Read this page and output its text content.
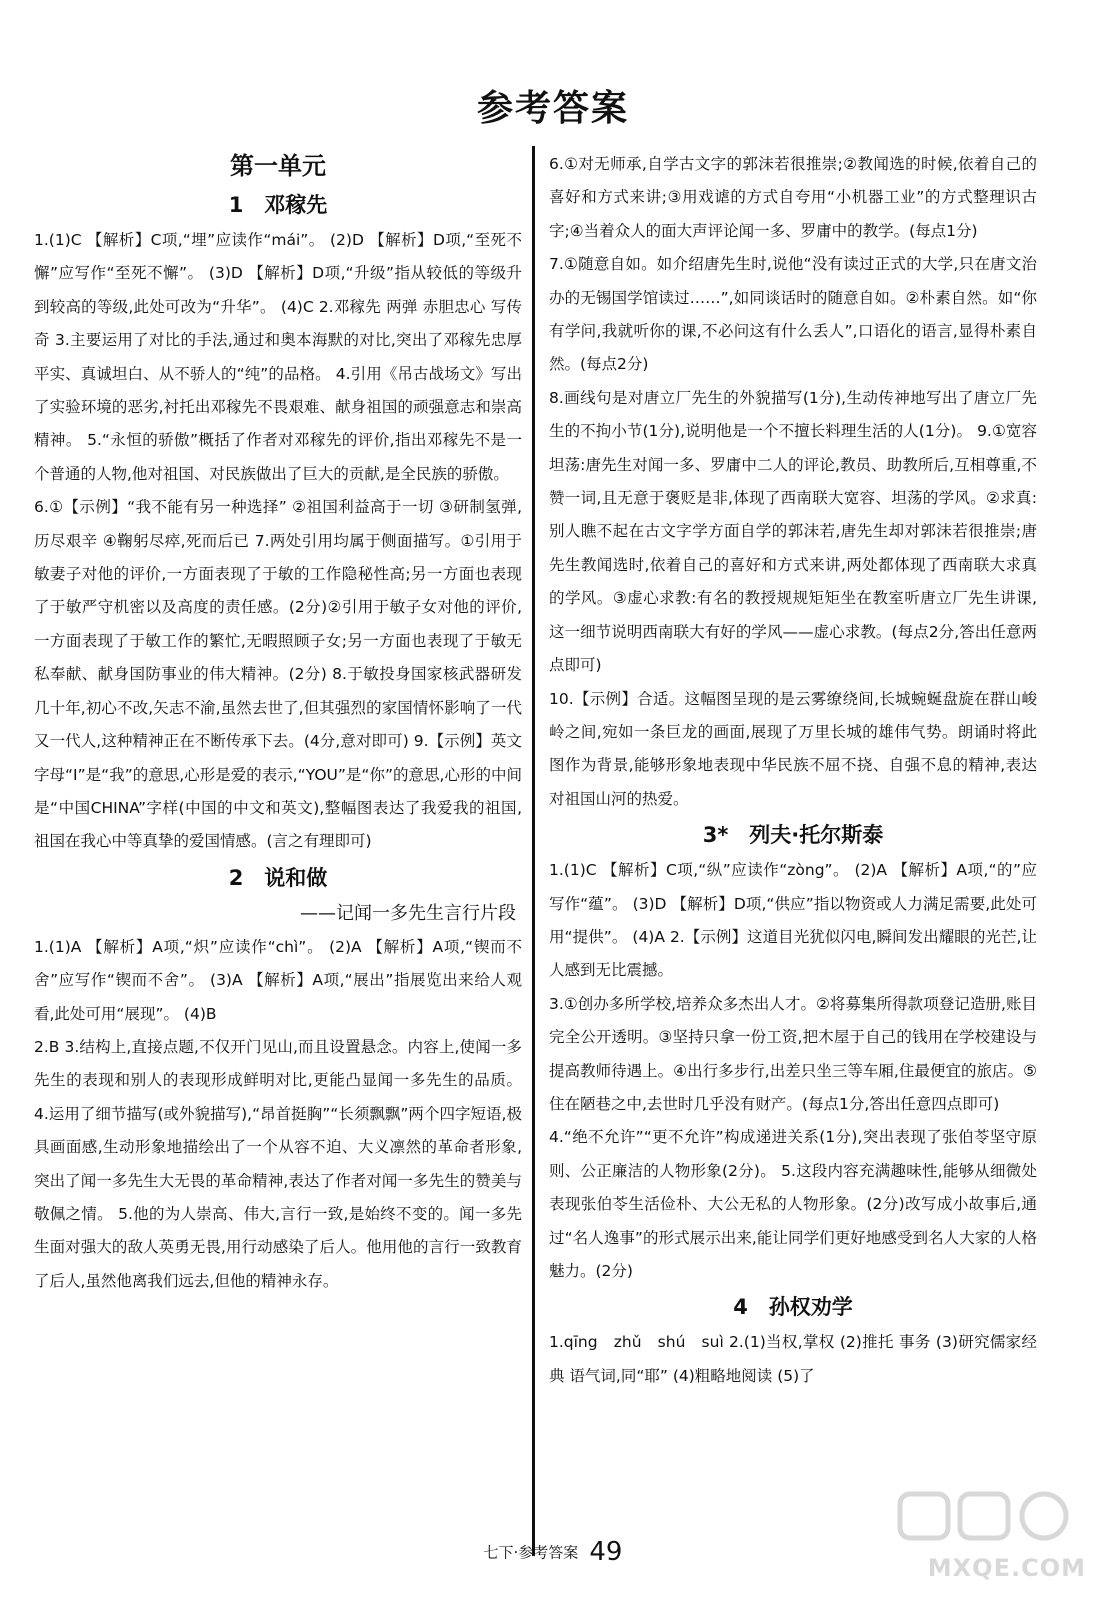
参考答案
第一单元
1　邓稼先

1.(1)C 【解析】C项,“埋”应读作“mái”。 (2)D 【解析】D项,“至死不懈”应写作“至死不懈”。 (3)D 【解析】D项,“升级”指从较低的等级升到较高的等级,此处可改为“升华”。 (4)C 2.邓稼先 两弹 赤胆忠心 写传奇 3.主要运用了对比的手法,通过和奥本海默的对比,突出了邓稼先忠厚平实、真诚坦白、从不骄人的“纯”的品格。 4.引用《吊古战场文》写出了实验环境的恶劣,衬托出邓稼先不畏艰难、献身祖国的顽强意志和崇高精神。 5.“永恒的骄傲”概括了作者对邓稼先的评价,指出邓稼先不是一个普通的人物,他对祖国、对民族做出了巨大的贡献,是全民族的骄傲。

6.①【示例】“我不能有另一种选择” ②祖国利益高于一切 ③研制氢弹,历尽艰辛 ④鞠躬尽瘁,死而后已 7.两处引用均属于侧面描写。①引用于敏妻子对他的评价,一方面表现了于敏的工作隐秘性高;另一方面也表现了于敏严守机密以及高度的责任感。(2分)②引用于敏子女对他的评价,一方面表现了于敏工作的繁忙,无暇照顾子女;另一方面也表现了于敏无私奉献、献身国防事业的伟大精神。(2分) 8.于敏投身国家核武器研发几十年,初心不改,矢志不渝,虽然去世了,但其强烈的家国情怀影响了一代又一代人,这种精神正在不断传承下去。(4分,意对即可) 9.【示例】英文字母“I”是“我”的意思,心形是爱的表示,“YOU”是“你”的意思,心形的中间是“中国CHINA”字样(中国的中文和英文),整幅图表达了我爱我的祖国,祖国在我心中等真挚的爱国情感。(言之有理即可)

2　说和做
——记闻一多先生言行片段

1.(1)A 【解析】A项,“炽”应读作“chì”。 (2)A 【解析】A项,“锲而不舍”应写作“锲而不舍”。 (3)A 【解析】A项,“展出”指展览出来给人观看,此处可用“展现”。 (4)B

2.B 3.结构上,直接点题,不仅开门见山,而且设置悬念。内容上,使闻一多先生的表现和别人的表现形成鲜明对比,更能凸显闻一多先生的品质。 4.运用了细节描写(或外貌描写),“昂首挺胸”“长须飘飘”两个四字短语,极具画面感,生动形象地描绘出了一个从容不迫、大义凛然的革命者形象,突出了闻一多先生大无畏的革命精神,表达了作者对闻一多先生的赞美与敬佩之情。 5.他的为人崇高、伟大,言行一致,是始终不变的。闻一多先生面对强大的敌人英勇无畏,用行动感染了后人。他用他的言行一致教育了后人,虽然他离我们远去,但他的精神永存。

6.①对无师承,自学古文字的郭沫若很推崇;②教闻选的时候,依着自己的喜好和方式来讲;③用戏谑的方式自夸用“小机器工业”的方式整理识古字;④当着众人的面大声评论闻一多、罗庸中的教学。(每点1分)

7.①随意自如。如介绍唐先生时,说他“没有读过正式的大学,只在唐文治办的无锡国学馆读过……”,如同谈话时的随意自如。②朴素自然。如“你有学问,我就听你的课,不必问这有什么丢人”,口语化的语言,显得朴素自然。(每点2分)

8.画线句是对唐立厂先生的外貌描写(1分),生动传神地写出了唐立厂先生的不拘小节(1分),说明他是一个不擅长料理生活的人(1分)。 9.①宽容坦荡:唐先生对闻一多、罗庸中二人的评论,教员、助教所后,互相尊重,不赞一词,且无意于褒贬是非,体现了西南联大宽容、坦荡的学风。②求真:别人瞧不起在古文字学方面自学的郭沫若,唐先生却对郭沫若很推崇;唐先生教闻选时,依着自己的喜好和方式来讲,两处都体现了西南联大求真的学风。③虚心求教:有名的教授规规矩矩坐在教室听唐立厂先生讲课,这一细节说明西南联大有好的学风——虚心求教。(每点2分,答出任意两点即可)

10.【示例】合适。这幅图呈现的是云雾缭绕间,长城蜿蜒盘旋在群山峻岭之间,宛如一条巨龙的画面,展现了万里长城的雄伟气势。朗诵时将此图作为背景,能够形象地表现中华民族不屈不挠、自强不息的精神,表达对祖国山河的热爱。

3*　列夫·托尔斯泰

1.(1)C 【解析】C项,“纵”应读作“zòng”。 (2)A 【解析】A项,“的”应写作“蕴”。 (3)D 【解析】D项,“供应”指以物资或人力满足需要,此处可用“提供”。 (4)A 2.【示例】这道目光犹似闪电,瞬间发出耀眼的光芒,让人感到无比震撼。

3.①创办多所学校,培养众多杰出人才。②将募集所得款项登记造册,账目完全公开透明。③坚持只拿一份工资,把木屋于自己的钱用在学校建设与提高教师待遇上。④出行多步行,出差只坐三等车厢,住最便宜的旅店。⑤住在陋巷之中,去世时几乎没有财产。(每点1分,答出任意四点即可)

4.“绝不允许”“更不允许”构成递进关系(1分),突出表现了张伯苓坚守原则、公正廉洁的人物形象(2分)。 5.这段内容充满趣味性,能够从细微处表现张伯苓生活俭朴、大公无私的人物形象。(2分)改写成小故事后,通过“名人逸事”的形式展示出来,能让同学们更好地感受到名人大家的人格魅力。(2分)

4　孙权劝学

1.qīng　zhǔ　shú　suì 2.(1)当权,掌权 (2)推托 事务 (3)研究儒家经典 语气词,同“耶” (4)粗略地阅读 (5)了

七下·参考答案 49
MXQE.COM
